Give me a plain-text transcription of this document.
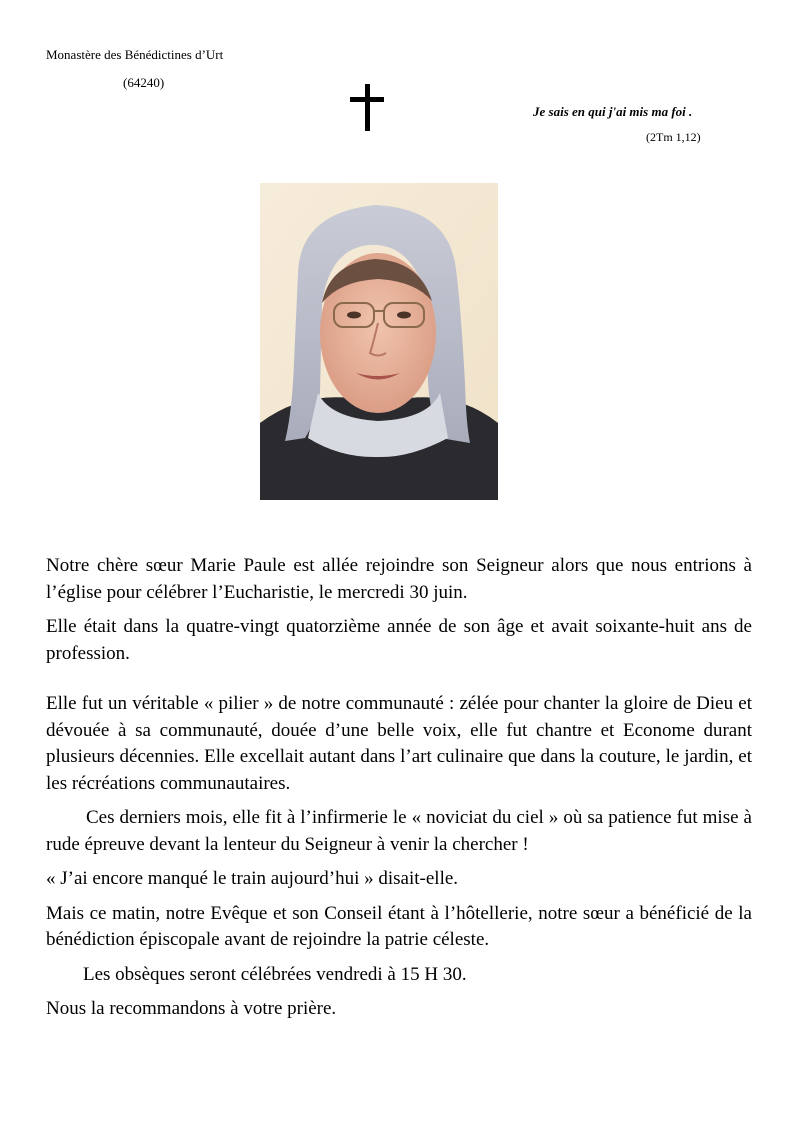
Monastère des Bénédictines d’Urt
(64240)
Je sais en qui j'ai mis ma foi .
(2Tm 1,12)

Notre chère sœur Marie Paule est allée rejoindre son Seigneur alors que nous entrions à l’église pour célébrer l’Eucharistie, le mercredi 30 juin.

Elle était dans la quatre-vingt quatorzième année de son âge et avait soixante-huit ans de profession.

Elle fut un véritable « pilier » de notre communauté : zélée pour chanter la gloire de Dieu et dévouée à sa communauté, douée d’une belle voix, elle fut chantre et Econome durant plusieurs décennies. Elle excellait autant dans l’art culinaire que dans la couture, le jardin, et les récréations communautaires.

Ces derniers mois, elle fit à l’infirmerie le « noviciat du ciel » où sa patience fut mise à rude épreuve devant la lenteur du Seigneur à venir la chercher !

« J’ai encore manqué le train aujourd’hui » disait-elle.

Mais ce matin, notre Evêque et son Conseil étant à l’hôtellerie, notre sœur a bénéficié de la bénédiction épiscopale avant de rejoindre la patrie céleste.

Les obsèques seront célébrées vendredi à 15 H 30.

Nous la recommandons à votre prière.
